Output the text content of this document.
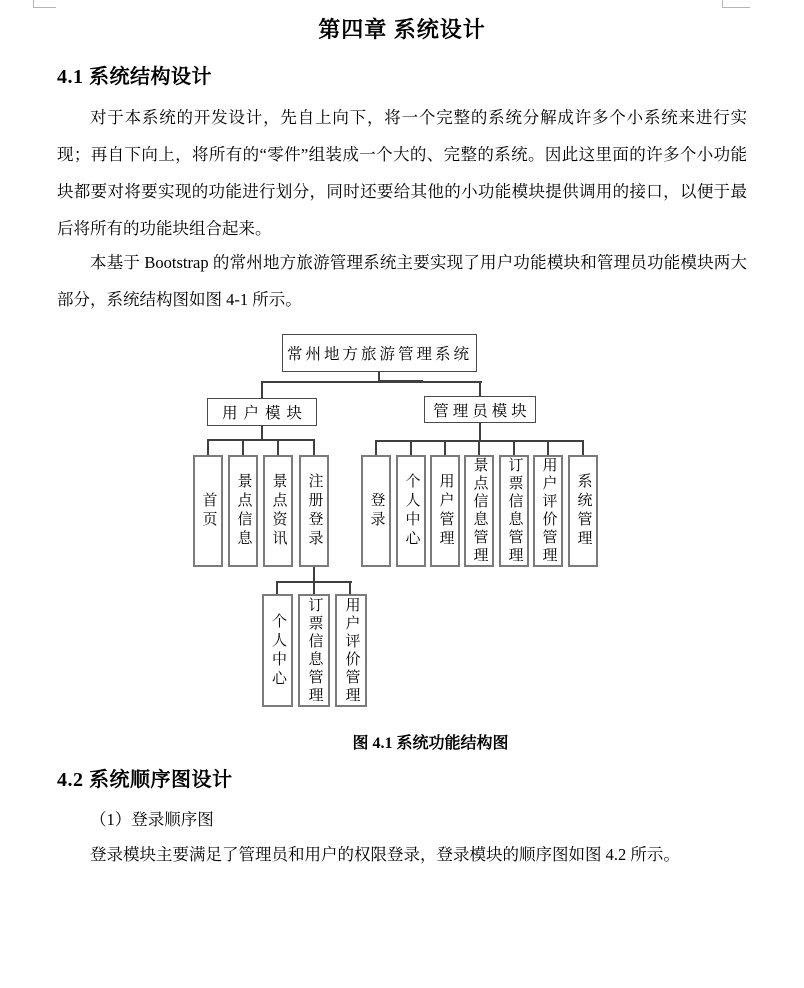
第四章 系统设计
4.1 系统结构设计
对于本系统的开发设计，先自上向下，将一个完整的系统分解成许多个小系统来进行实现；再自下向上，将所有的“零件”组装成一个大的、完整的系统。因此这里面的许多个小功能块都要对将要实现的功能进行划分，同时还要给其他的小功能模块提供调用的接口，以便于最后将所有的功能块组合起来。
本基于 Bootstrap 的常州地方旅游管理系统主要实现了用户功能模块和管理员功能模块两大部分，系统结构图如图 4-1 所示。
常州地方旅游管理系统
用户模块	管理员模块
首页 景点信息 景点资讯 注册登录	登录 个人中心 用户管理 景点信息管理 订票信息管理 用户评价管理 系统管理
个人中心 订票信息管理 用户评价管理
图 4.1 系统功能结构图
4.2 系统顺序图设计
（1）登录顺序图
登录模块主要满足了管理员和用户的权限登录，登录模块的顺序图如图 4.2 所示。
